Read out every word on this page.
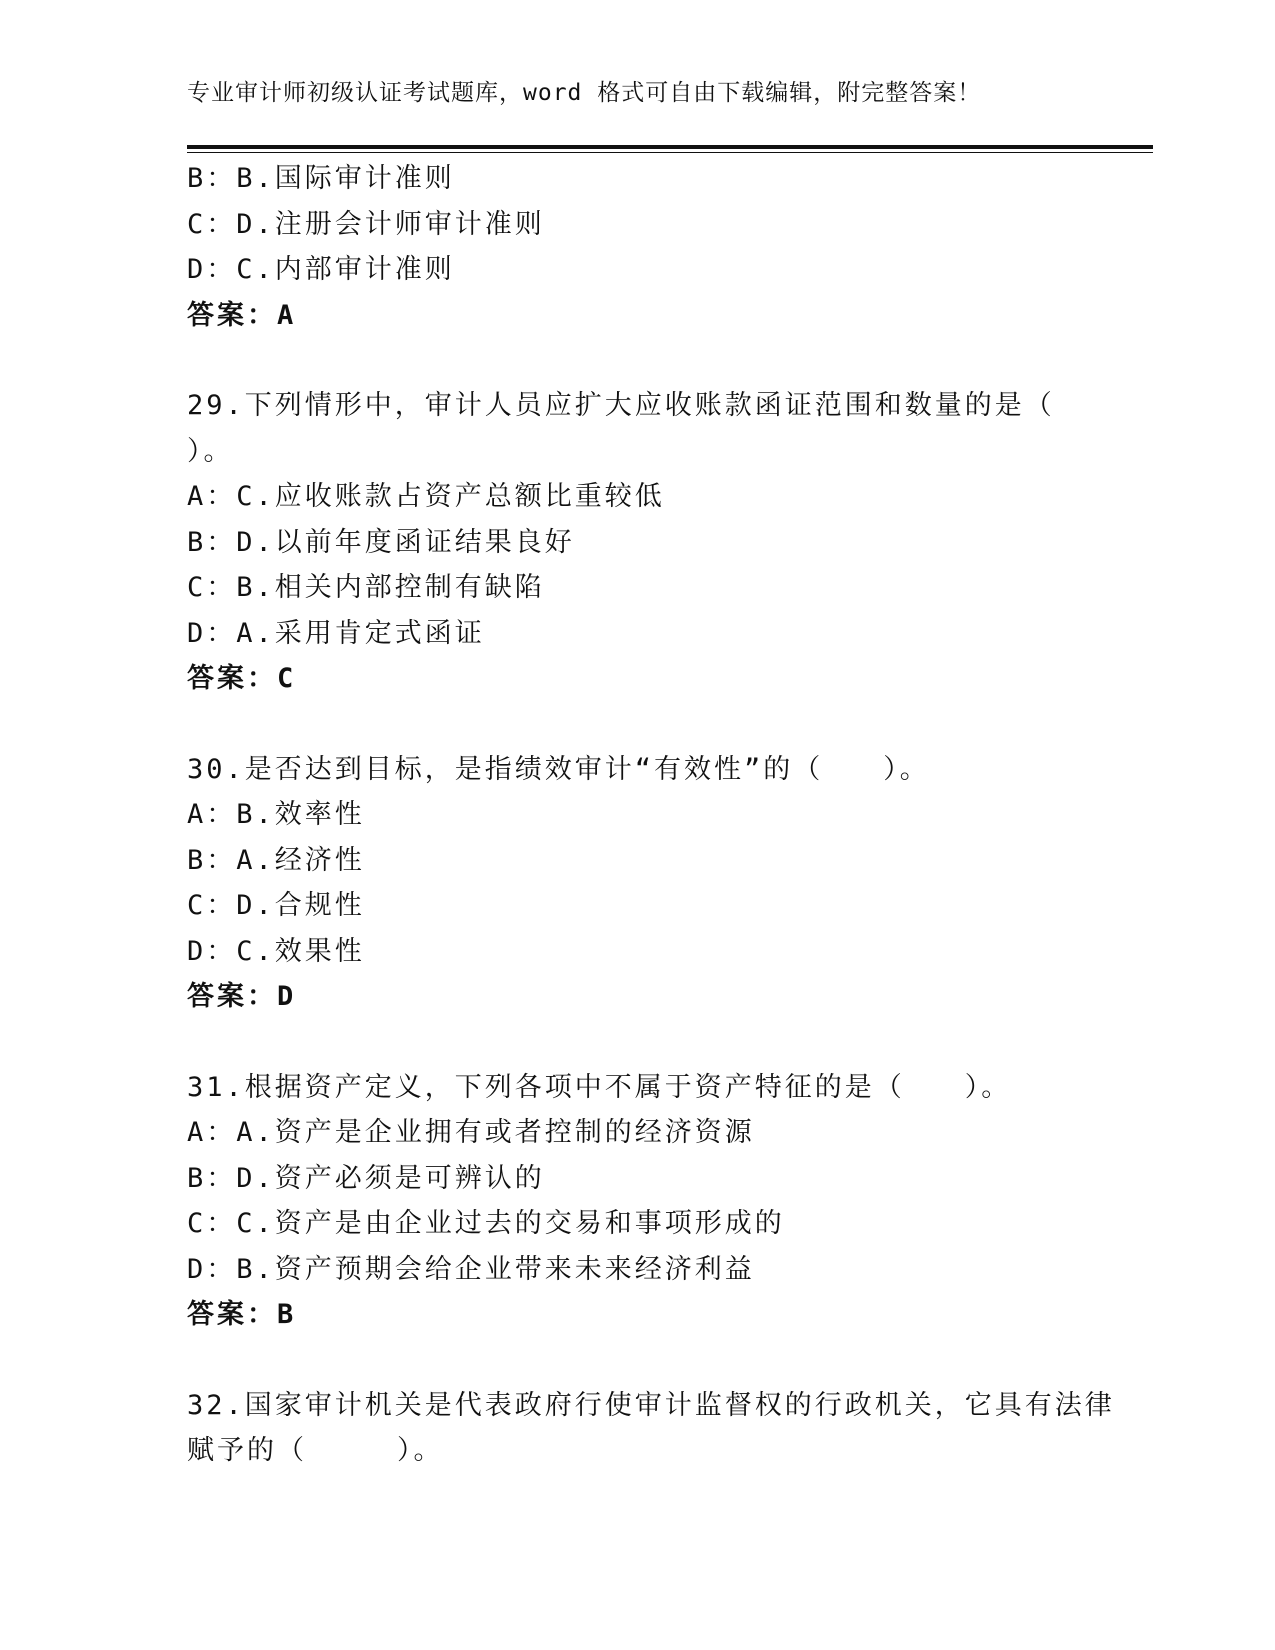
专业审计师初级认证考试题库，word 格式可自由下载编辑，附完整答案！
B：B.国际审计准则
C：D.注册会计师审计准则
D：C.内部审计准则
答案：A
29.下列情形中，审计人员应扩大应收账款函证范围和数量的是（
）。
A：C.应收账款占资产总额比重较低
B：D.以前年度函证结果良好
C：B.相关内部控制有缺陷
D：A.采用肯定式函证
答案：C
30.是否达到目标，是指绩效审计“有效性”的（　　）。
A：B.效率性
B：A.经济性
C：D.合规性
D：C.效果性
答案：D
31.根据资产定义，下列各项中不属于资产特征的是（　　）。
A：A.资产是企业拥有或者控制的经济资源
B：D.资产必须是可辨认的
C：C.资产是由企业过去的交易和事项形成的
D：B.资产预期会给企业带来未来经济利益
答案：B
32.国家审计机关是代表政府行使审计监督权的行政机关，它具有法律
赋予的（　　　）。
